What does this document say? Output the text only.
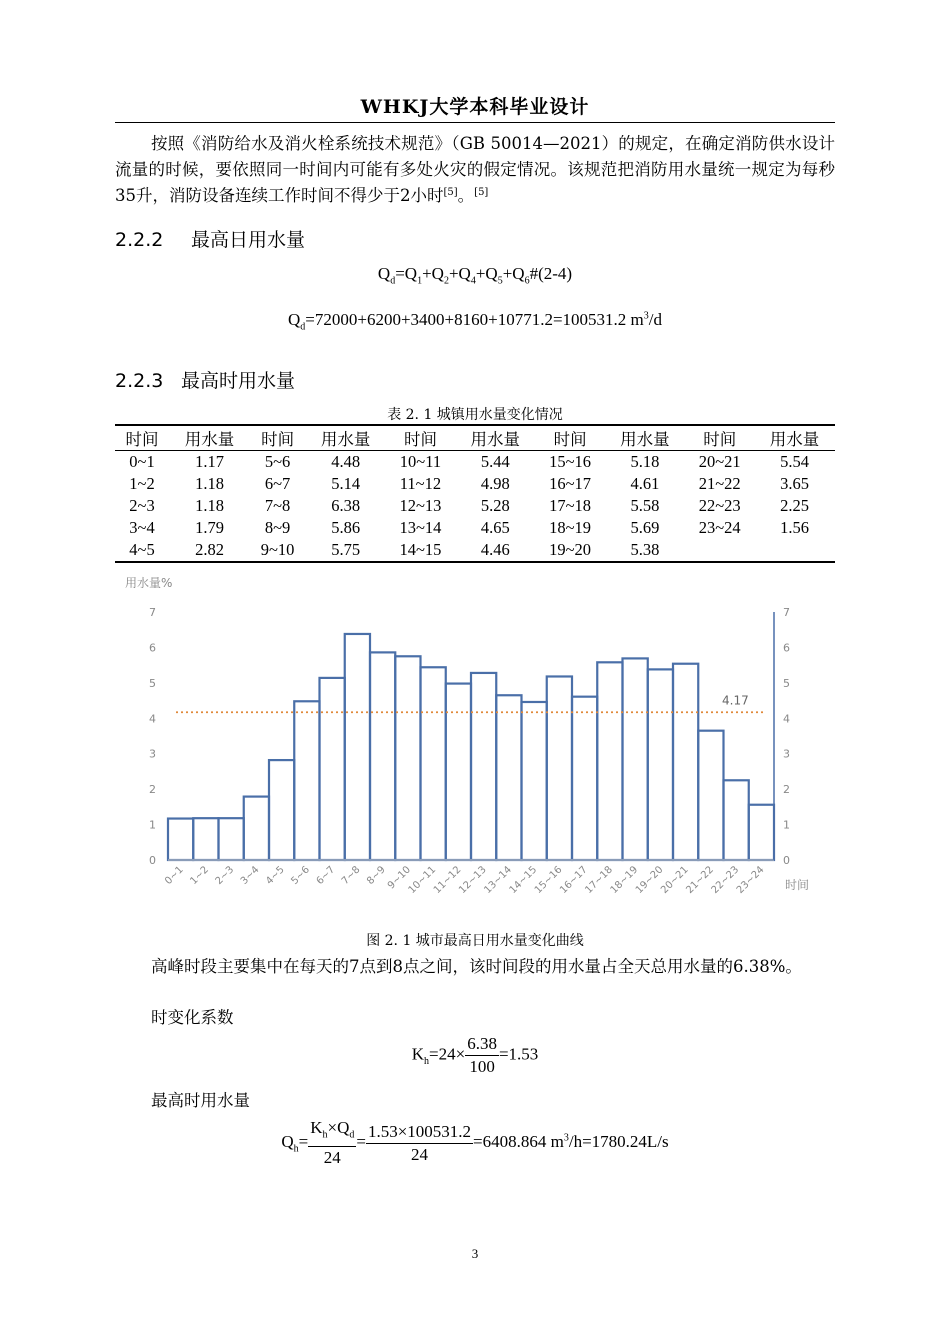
WHKJ大学本科毕业设计
按照《消防给水及消火栓系统技术规范》（GB 50014—2021）的规定，在确定消防供水设计流量的时候，要依照同一时间内可能有多处火灾的假定情况。该规范把消防用水量统一规定为每秒35升，消防设备连续工作时间不得少于2小时[5]。[5]
2.2.2 最高日用水量
$Q_d=Q_1+Q_2+Q_4+Q_5+Q_6\#(2-4)$
$Q_d=72000+6200+3400+8160+10771.2=100531.2$ $m^3/d$
2.2.3 最高时用水量
表 2. 1 城镇用水量变化情况
时间	用水量	时间	用水量	时间	用水量	时间	用水量	时间	用水量
0~1	1.17	5~6	4.48	10~11	5.44	15~16	5.18	20~21	5.54
1~2	1.18	6~7	5.14	11~12	4.98	16~17	4.61	21~22	3.65
2~3	1.18	7~8	6.38	12~13	5.28	17~18	5.58	22~23	2.25
3~4	1.79	8~9	5.86	13~14	4.65	18~19	5.69	23~24	1.56
4~5	2.82	9~10	5.75	14~15	4.46	19~20	5.38		
用水量%
时间
0
1
2
3
4
5
6
7
0
1
2
3
4
5
6
7
0~1 1~2 2~3 3~4 4~5 5~6 6~7 7~8 8~9
9~10
10~11
11~12
12~13
13~14
14~15
15~16
16~17
17~18
18~19
19~20
20~21
21~22
22~23
23~24
4.17
图 2. 1 城市最高日用水量变化曲线
高峰时段主要集中在每天的7点到8点之间，该时间段的用水量占全天总用水量的6.38%。
时变化系数
$K_h=24\times \frac{6.38}{100} =1.53$
最高时用水量
$Q_h= \frac{K_h\times Q_d}{24} = \frac{1.53\times 100531.2}{24} =6408.864$ $m^3/h=1780.24L/s$
3
